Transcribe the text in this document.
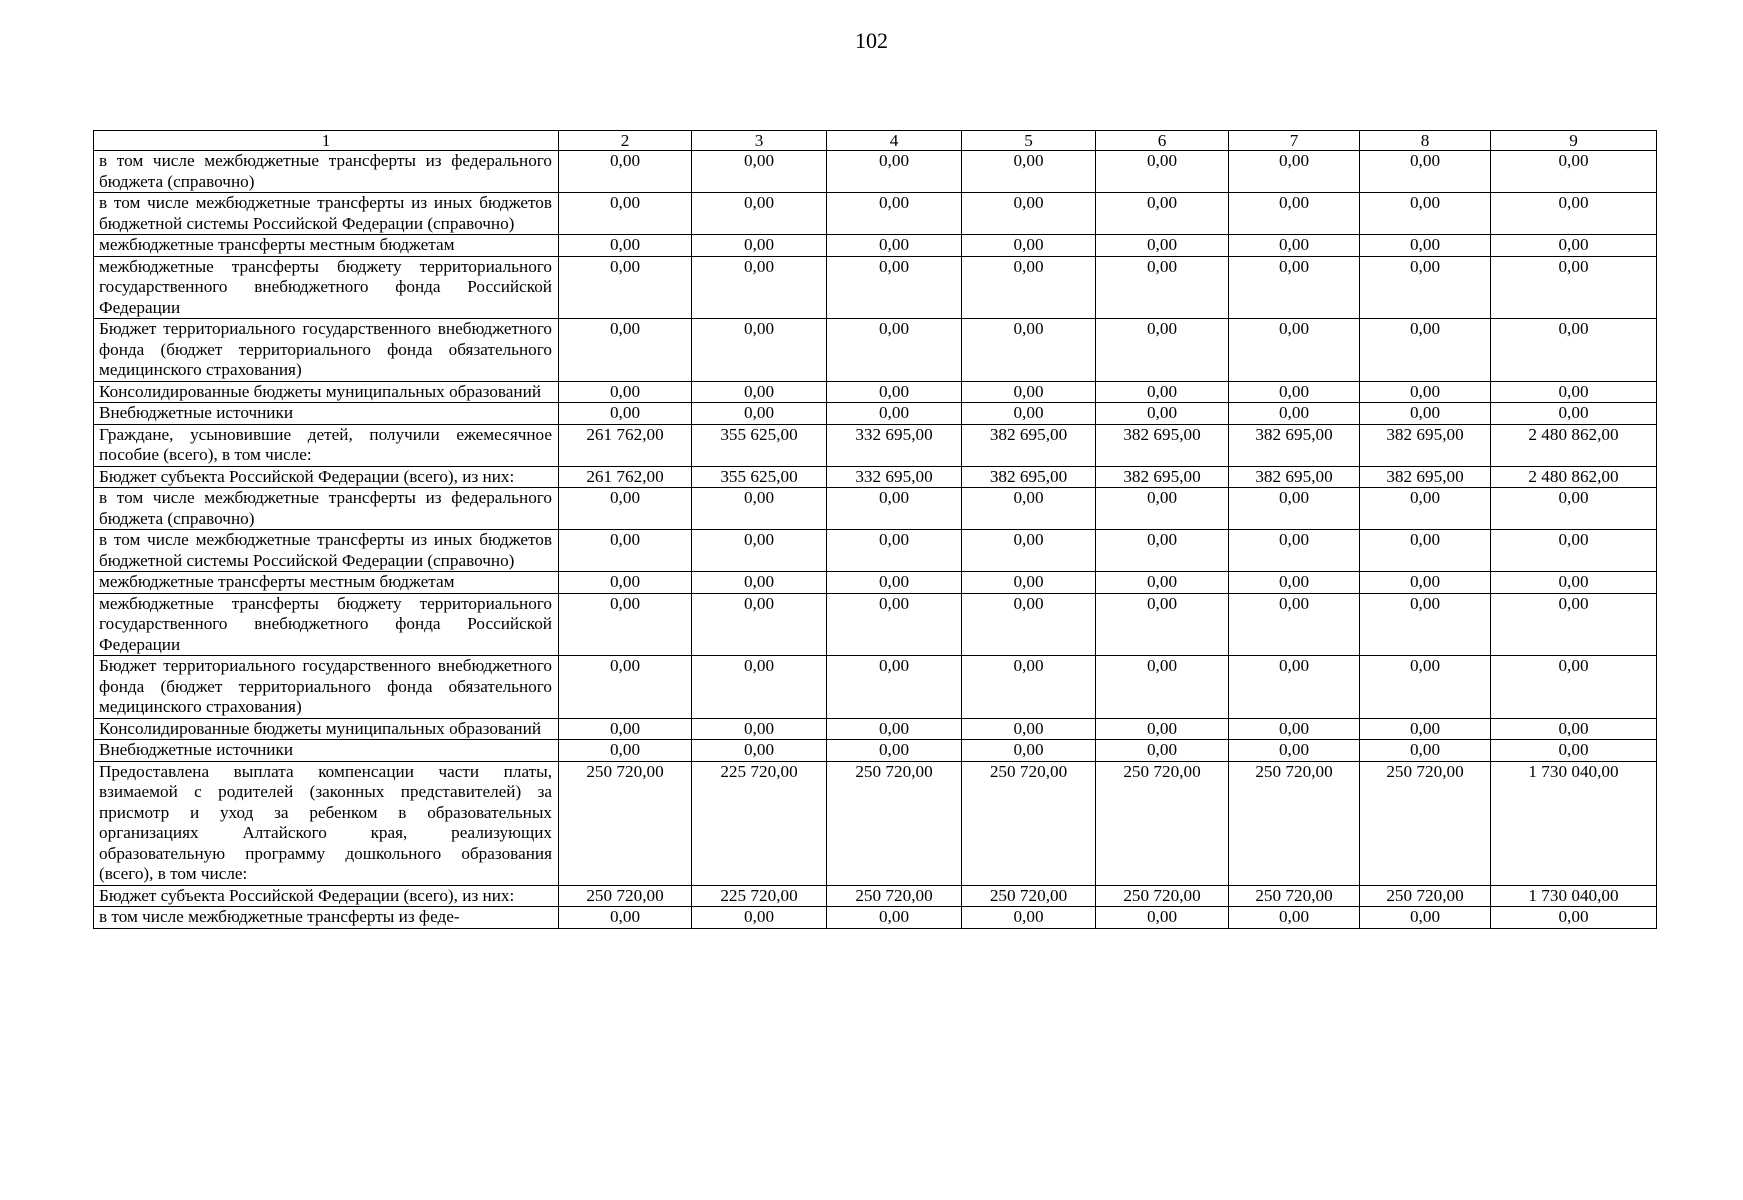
102
1	2	3	4	5	6	7	8	9
в том числе межбюджетные трансферты из федерального бюджета (справочно)	0,00	0,00	0,00	0,00	0,00	0,00	0,00	0,00
в том числе межбюджетные трансферты из иных бюджетов бюджетной системы Российской Федерации (справочно)	0,00	0,00	0,00	0,00	0,00	0,00	0,00	0,00
межбюджетные трансферты местным бюджетам	0,00	0,00	0,00	0,00	0,00	0,00	0,00	0,00
межбюджетные трансферты бюджету территориального государственного внебюджетного фонда Российской Федерации	0,00	0,00	0,00	0,00	0,00	0,00	0,00	0,00
Бюджет территориального государственного внебюджетного фонда (бюджет территориального фонда обязательного медицинского страхования)	0,00	0,00	0,00	0,00	0,00	0,00	0,00	0,00
Консолидированные бюджеты муниципальных образований	0,00	0,00	0,00	0,00	0,00	0,00	0,00	0,00
Внебюджетные источники	0,00	0,00	0,00	0,00	0,00	0,00	0,00	0,00
Граждане, усыновившие детей, получили ежемесячное пособие (всего), в том числе:	261 762,00	355 625,00	332 695,00	382 695,00	382 695,00	382 695,00	382 695,00	2 480 862,00
Бюджет субъекта Российской Федерации (всего), из них:	261 762,00	355 625,00	332 695,00	382 695,00	382 695,00	382 695,00	382 695,00	2 480 862,00
в том числе межбюджетные трансферты из федерального бюджета (справочно)	0,00	0,00	0,00	0,00	0,00	0,00	0,00	0,00
в том числе межбюджетные трансферты из иных бюджетов бюджетной системы Российской Федерации (справочно)	0,00	0,00	0,00	0,00	0,00	0,00	0,00	0,00
межбюджетные трансферты местным бюджетам	0,00	0,00	0,00	0,00	0,00	0,00	0,00	0,00
межбюджетные трансферты бюджету территориального государственного внебюджетного фонда Российской Федерации	0,00	0,00	0,00	0,00	0,00	0,00	0,00	0,00
Бюджет территориального государственного внебюджетного фонда (бюджет территориального фонда обязательного медицинского страхования)	0,00	0,00	0,00	0,00	0,00	0,00	0,00	0,00
Консолидированные бюджеты муниципальных образований	0,00	0,00	0,00	0,00	0,00	0,00	0,00	0,00
Внебюджетные источники	0,00	0,00	0,00	0,00	0,00	0,00	0,00	0,00
Предоставлена выплата компенсации части платы, взимаемой с родителей (законных представителей) за присмотр и уход за ребенком в образовательных организациях Алтайского края, реализующих образовательную программу дошкольного образования (всего), в том числе:	250 720,00	225 720,00	250 720,00	250 720,00	250 720,00	250 720,00	250 720,00	1 730 040,00
Бюджет субъекта Российской Федерации (всего), из них:	250 720,00	225 720,00	250 720,00	250 720,00	250 720,00	250 720,00	250 720,00	1 730 040,00
в том числе межбюджетные трансферты из феде-	0,00	0,00	0,00	0,00	0,00	0,00	0,00	0,00
